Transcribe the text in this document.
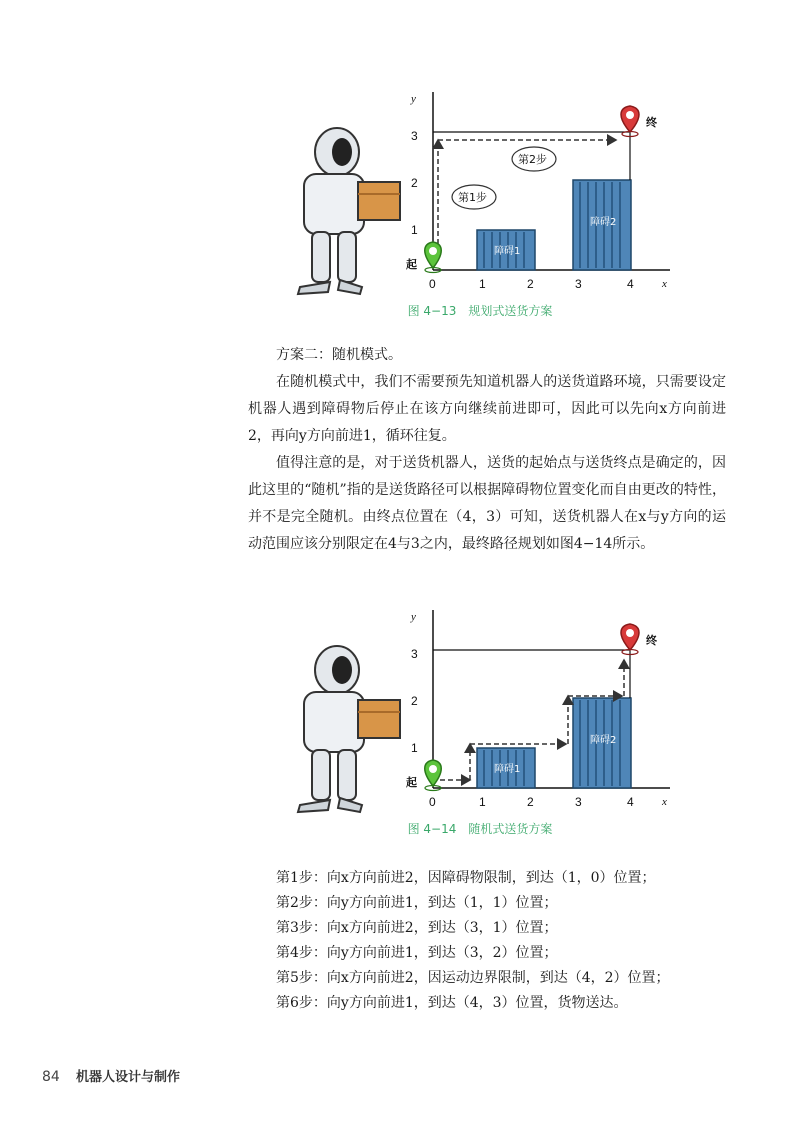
x
y
0	1	2	3	4
1
2
3
障碍1
障碍2
第1步
第2步
起
终
图 4−13　规划式送货方案

方案二：随机模式。

在随机模式中，我们不需要预先知道机器人的送货道路环境，只需要设定机器人遇到障碍物后停止在该方向继续前进即可，因此可以先向x方向前进2，再向y方向前进1，循环往复。

值得注意的是，对于送货机器人，送货的起始点与送货终点是确定的，因此这里的“随机”指的是送货路径可以根据障碍物位置变化而自由更改的特性，并不是完全随机。由终点位置在（4，3）可知，送货机器人在x与y方向的运动范围应该分别限定在4与3之内，最终路径规划如图4−14所示。

x
y
0	1	2	3	4
1
2
3
障碍1
障碍2
起
终
图 4−14　随机式送货方案

第1步：向x方向前进2，因障碍物限制，到达（1，0）位置；

第2步：向y方向前进1，到达（1，1）位置；

第3步：向x方向前进2，到达（3，1）位置；

第4步：向y方向前进1，到达（3，2）位置；

第5步：向x方向前进2，因运动边界限制，到达（4，2）位置；

第6步：向y方向前进1，到达（4，3）位置，货物送达。

84 机器人设计与制作
